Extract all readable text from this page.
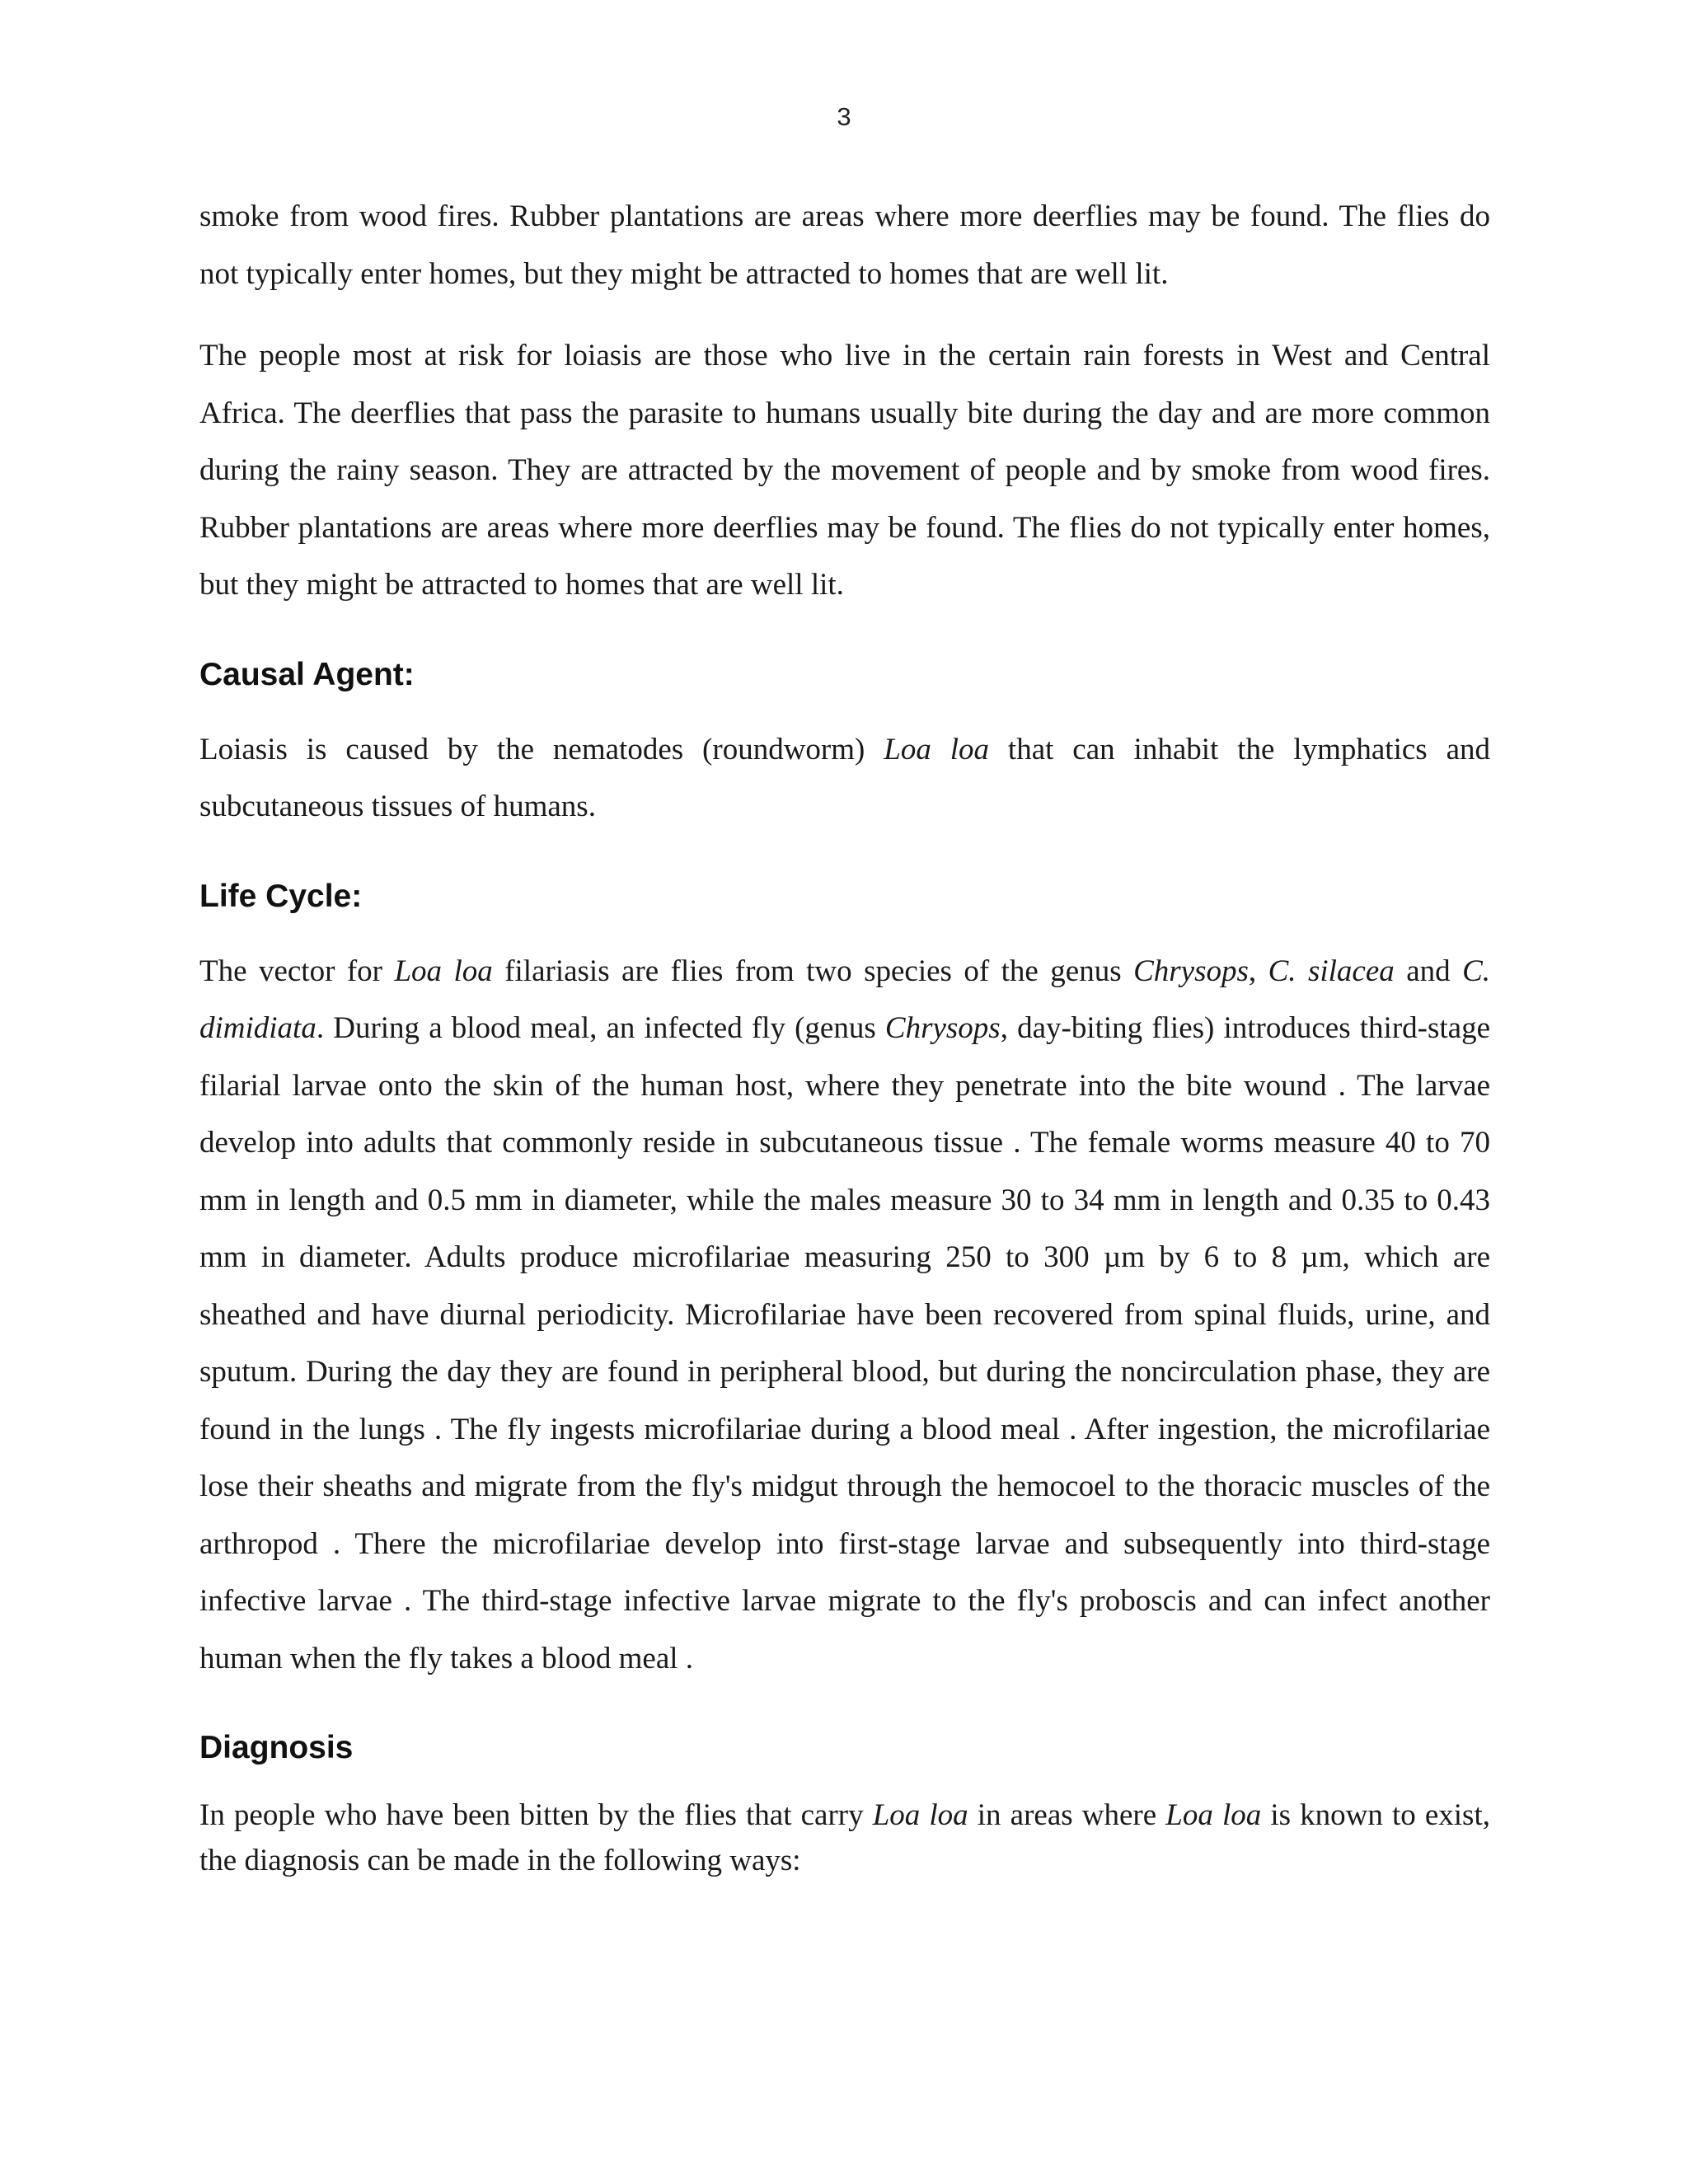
3

smoke from wood fires. Rubber plantations are areas where more deerflies may be found. The flies do not typically enter homes, but they might be attracted to homes that are well lit.

The people most at risk for loiasis are those who live in the certain rain forests in West and Central Africa. The deerflies that pass the parasite to humans usually bite during the day and are more common during the rainy season. They are attracted by the movement of people and by smoke from wood fires. Rubber plantations are areas where more deerflies may be found. The flies do not typically enter homes, but they might be attracted to homes that are well lit.

Causal Agent:

Loiasis is caused by the nematodes (roundworm) Loa loa that can inhabit the lymphatics and subcutaneous tissues of humans.

Life Cycle:

The vector for Loa loa filariasis are flies from two species of the genus Chrysops, C. silacea and C. dimidiata. During a blood meal, an infected fly (genus Chrysops, day-biting flies) introduces third-stage filarial larvae onto the skin of the human host, where they penetrate into the bite wound . The larvae develop into adults that commonly reside in subcutaneous tissue . The female worms measure 40 to 70 mm in length and 0.5 mm in diameter, while the males measure 30 to 34 mm in length and 0.35 to 0.43 mm in diameter. Adults produce microfilariae measuring 250 to 300 µm by 6 to 8 µm, which are sheathed and have diurnal periodicity. Microfilariae have been recovered from spinal fluids, urine, and sputum. During the day they are found in peripheral blood, but during the noncirculation phase, they are found in the lungs . The fly ingests microfilariae during a blood meal . After ingestion, the microfilariae lose their sheaths and migrate from the fly's midgut through the hemocoel to the thoracic muscles of the arthropod . There the microfilariae develop into first-stage larvae and subsequently into third-stage infective larvae . The third-stage infective larvae migrate to the fly's proboscis and can infect another human when the fly takes a blood meal .

Diagnosis

In people who have been bitten by the flies that carry Loa loa in areas where Loa loa is known to exist, the diagnosis can be made in the following ways:
